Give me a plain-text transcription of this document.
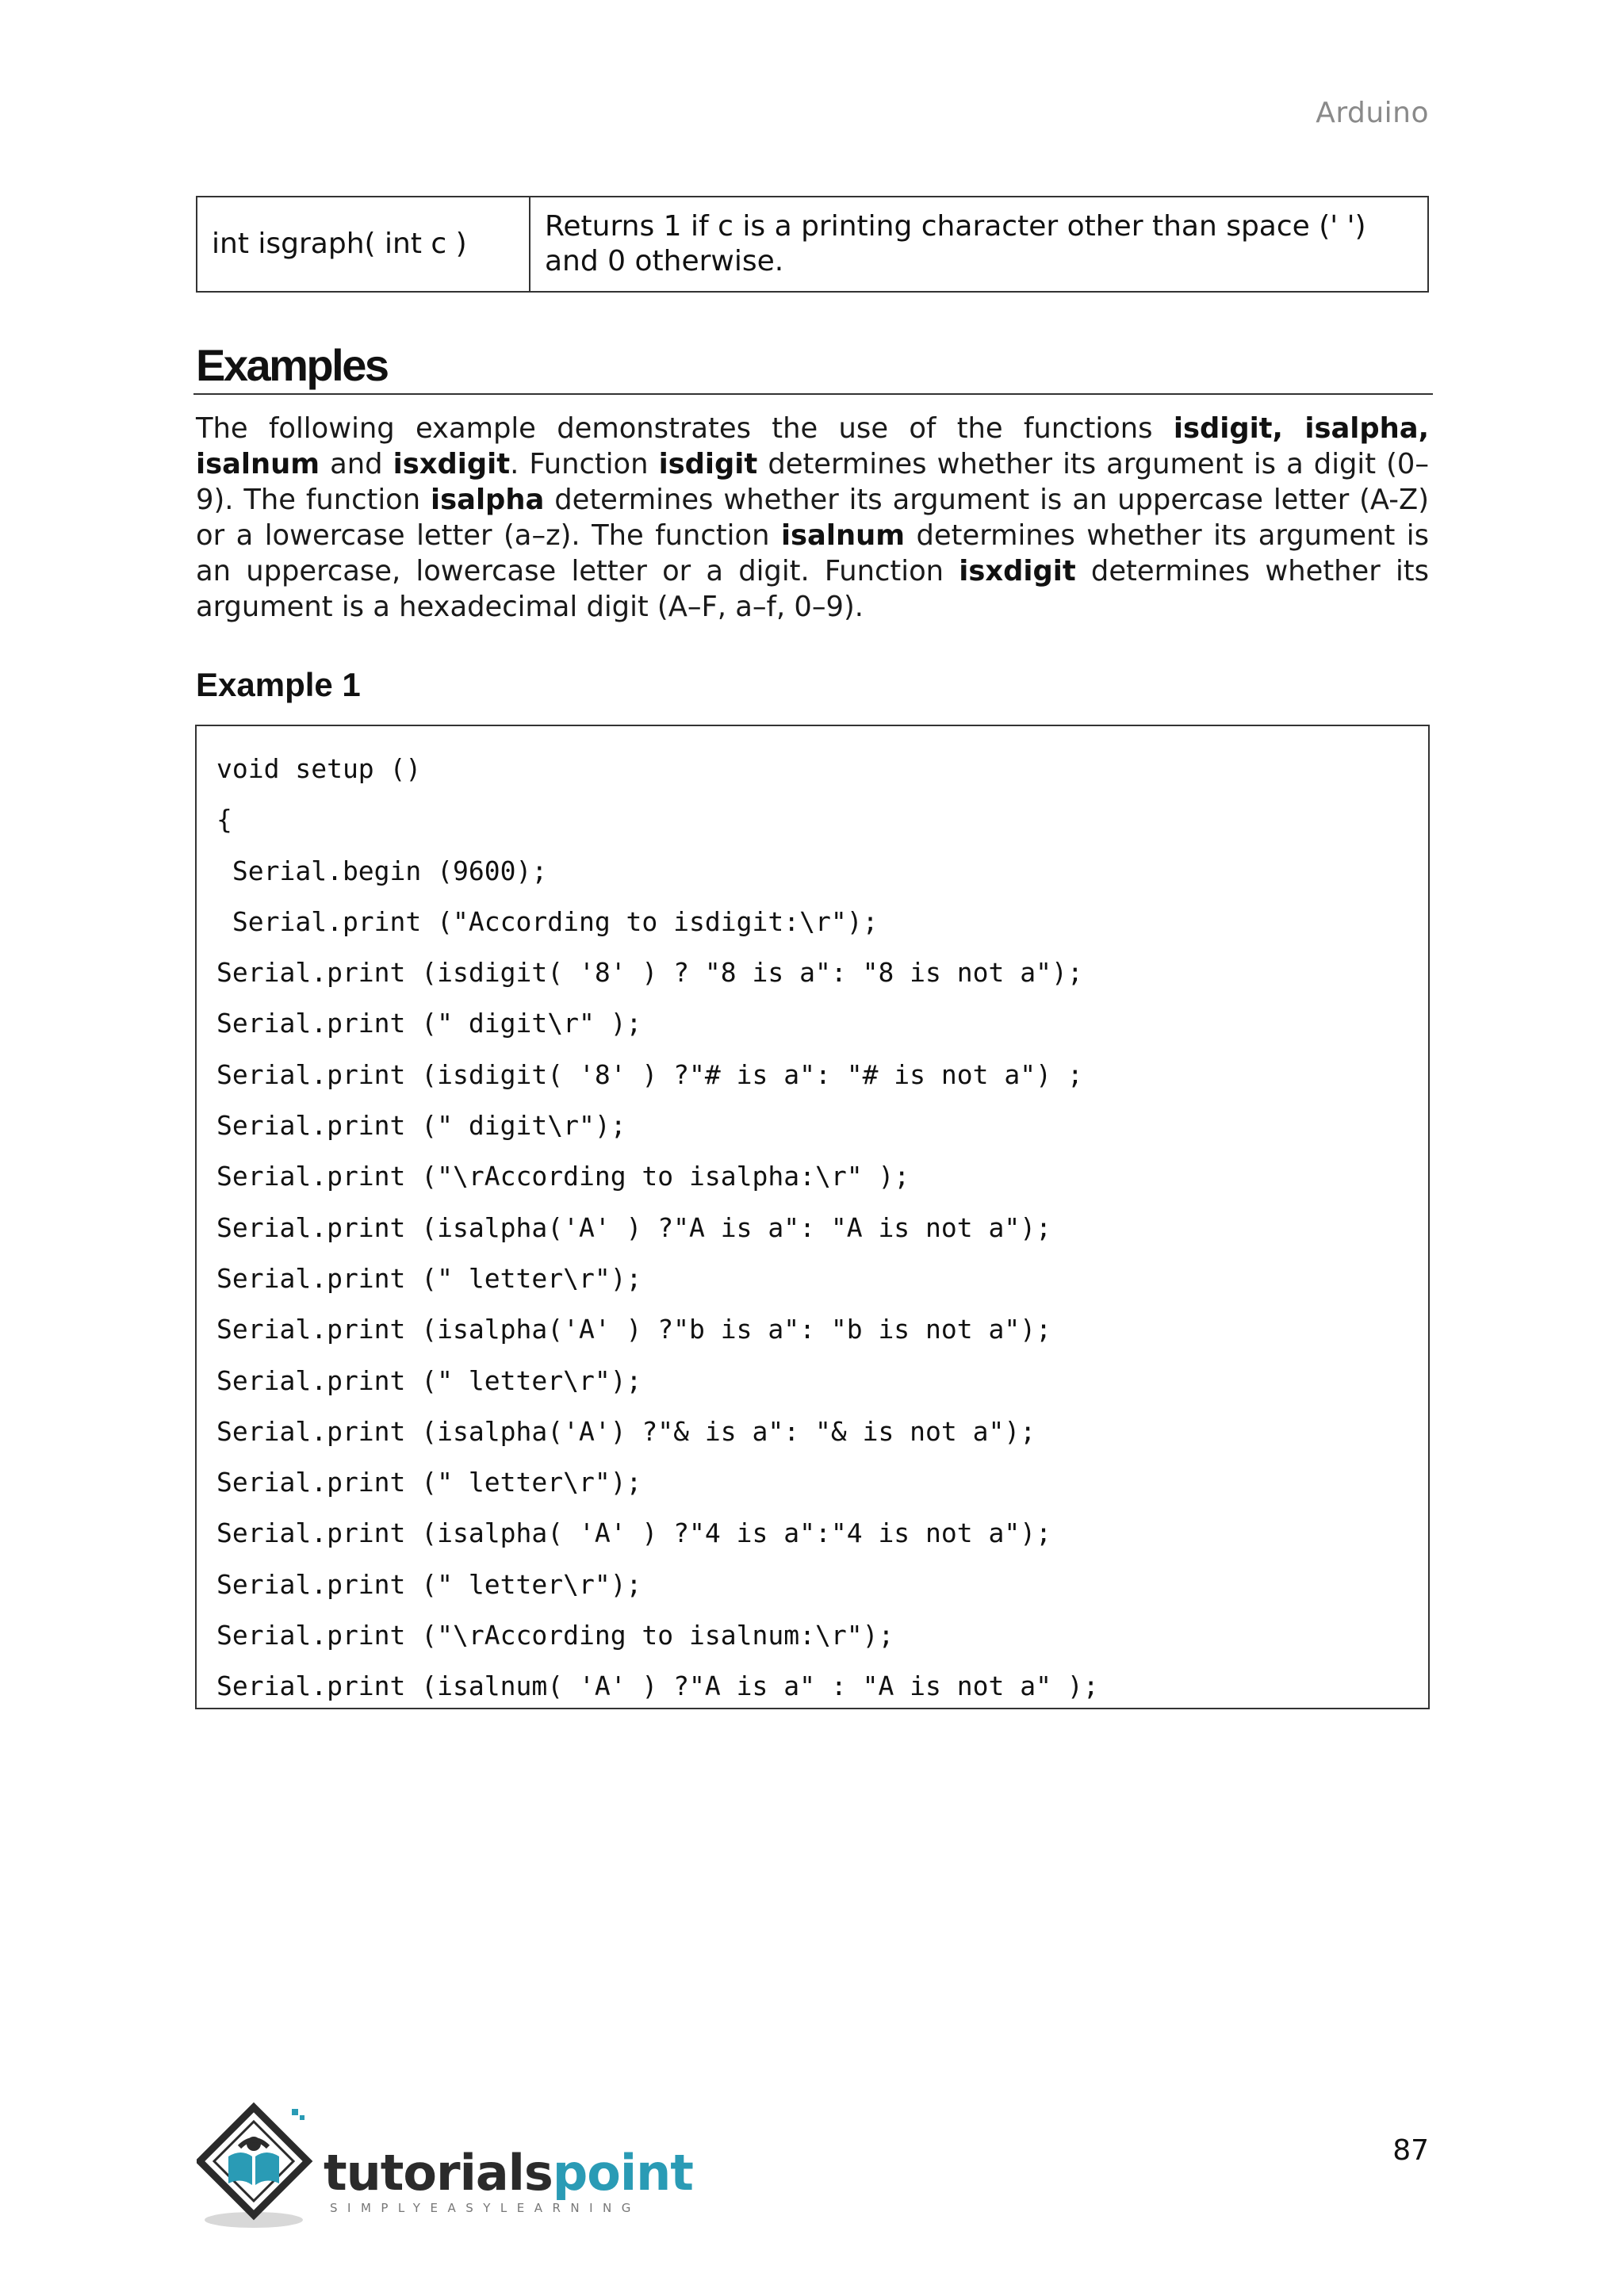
Arduino
int isgraph( int c )	Returns 1 if c is a printing character other than space (' ') and 0 otherwise.
Examples

The following example demonstrates the use of the functions isdigit, isalpha, isalnum and isxdigit. Function isdigit determines whether its argument is a digit (0–9). The function isalpha determines whether its argument is an uppercase letter (A-Z) or a lowercase letter (a–z). The function isalnum determines whether its argument is an uppercase, lowercase letter or a digit. Function isxdigit determines whether its argument is a hexadecimal digit (A–F, a–f, 0–9).

Example 1
void setup ()
{
Serial.begin (9600);
Serial.print ("According to isdigit:\r");
Serial.print (isdigit( '8' ) ? "8 is a": "8 is not a");
Serial.print (" digit\r" );
Serial.print (isdigit( '8' ) ?"# is a": "# is not a") ;
Serial.print (" digit\r");
Serial.print ("\rAccording to isalpha:\r" );
Serial.print (isalpha('A' ) ?"A is a": "A is not a");
Serial.print (" letter\r");
Serial.print (isalpha('A' ) ?"b is a": "b is not a");
Serial.print (" letter\r");
Serial.print (isalpha('A') ?"& is a": "& is not a");
Serial.print (" letter\r");
Serial.print (isalpha( 'A' ) ?"4 is a":"4 is not a");
Serial.print (" letter\r");
Serial.print ("\rAccording to isalnum:\r");
Serial.print (isalnum( 'A' ) ?"A is a" : "A is not a" );
tutorialspoint
SIMPLYEASYLEARNING
87
